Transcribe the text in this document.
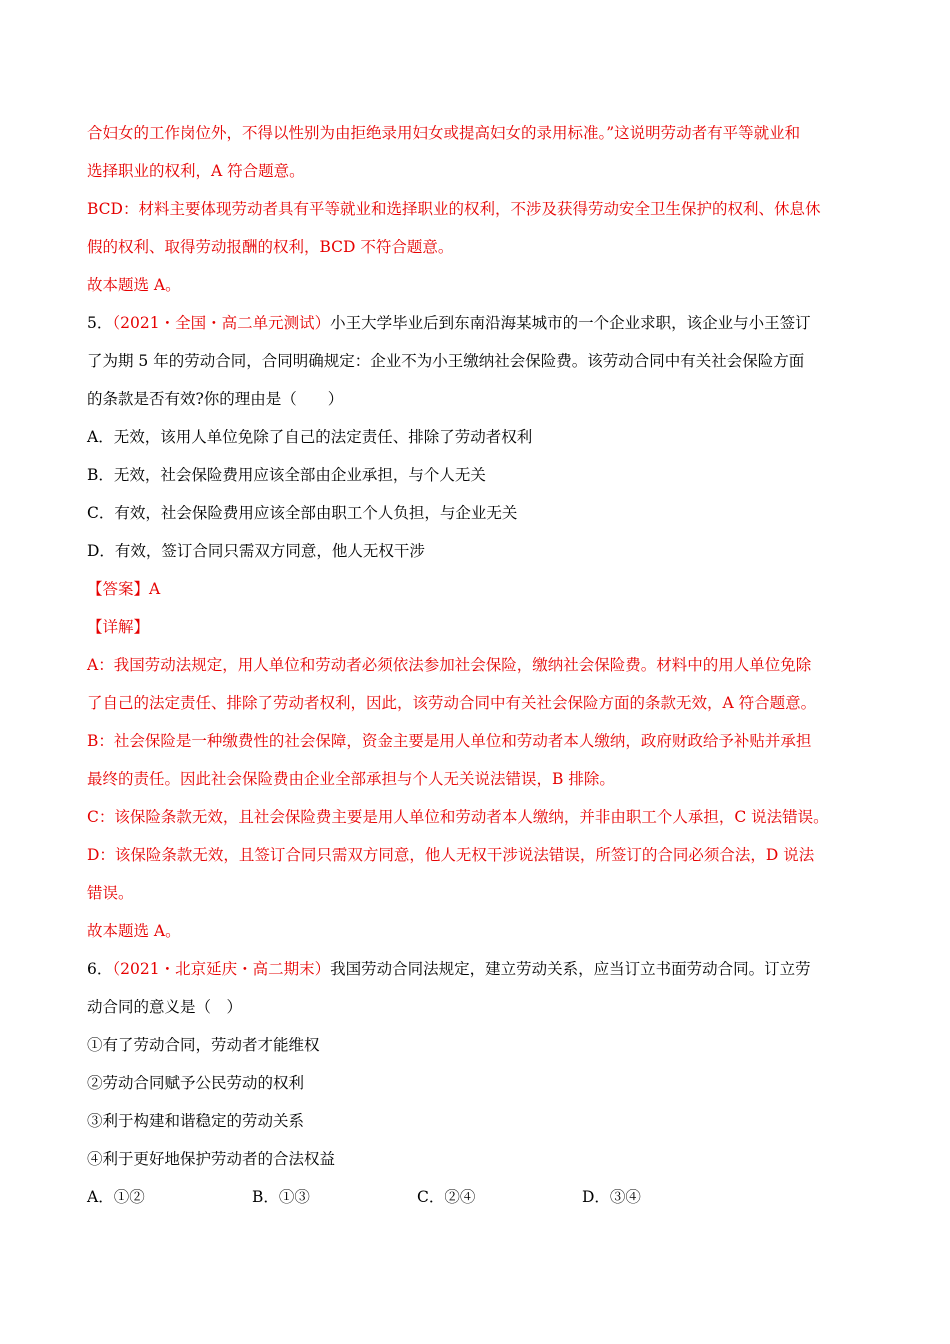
合妇女的工作岗位外，不得以性别为由拒绝录用妇女或提高妇女的录用标准。”这说明劳动者有平等就业和
选择职业的权利，A 符合题意。
BCD：材料主要体现劳动者具有平等就业和选择职业的权利，不涉及获得劳动安全卫生保护的权利、休息休
假的权利、取得劳动报酬的权利，BCD 不符合题意。
故本题选 A。
5．（2021・全国・高二单元测试）小王大学毕业后到东南沿海某城市的一个企业求职，该企业与小王签订
了为期 5 年的劳动合同，合同明确规定：企业不为小王缴纳社会保险费。该劳动合同中有关社会保险方面
的条款是否有效?你的理由是（　　）
A．无效，该用人单位免除了自己的法定责任、排除了劳动者权利
B．无效，社会保险费用应该全部由企业承担，与个人无关
C．有效，社会保险费用应该全部由职工个人负担，与企业无关
D．有效，签订合同只需双方同意，他人无权干涉
【答案】A
【详解】
A：我国劳动法规定，用人单位和劳动者必须依法参加社会保险，缴纳社会保险费。材料中的用人单位免除
了自己的法定责任、排除了劳动者权利，因此，该劳动合同中有关社会保险方面的条款无效，A 符合题意。
B：社会保险是一种缴费性的社会保障，资金主要是用人单位和劳动者本人缴纳，政府财政给予补贴并承担
最终的责任。因此社会保险费由企业全部承担与个人无关说法错误，B 排除。
C：该保险条款无效，且社会保险费主要是用人单位和劳动者本人缴纳，并非由职工个人承担，C 说法错误。
D：该保险条款无效，且签订合同只需双方同意，他人无权干涉说法错误，所签订的合同必须合法，D 说法
错误。
故本题选 A。
6．（2021・北京延庆・高二期末）我国劳动合同法规定，建立劳动关系，应当订立书面劳动合同。订立劳
动合同的意义是（　）
①有了劳动合同，劳动者才能维权
②劳动合同赋予公民劳动的权利
③利于构建和谐稳定的劳动关系
④利于更好地保护劳动者的合法权益
A．①②	B．①③	C．②④	D．③④
